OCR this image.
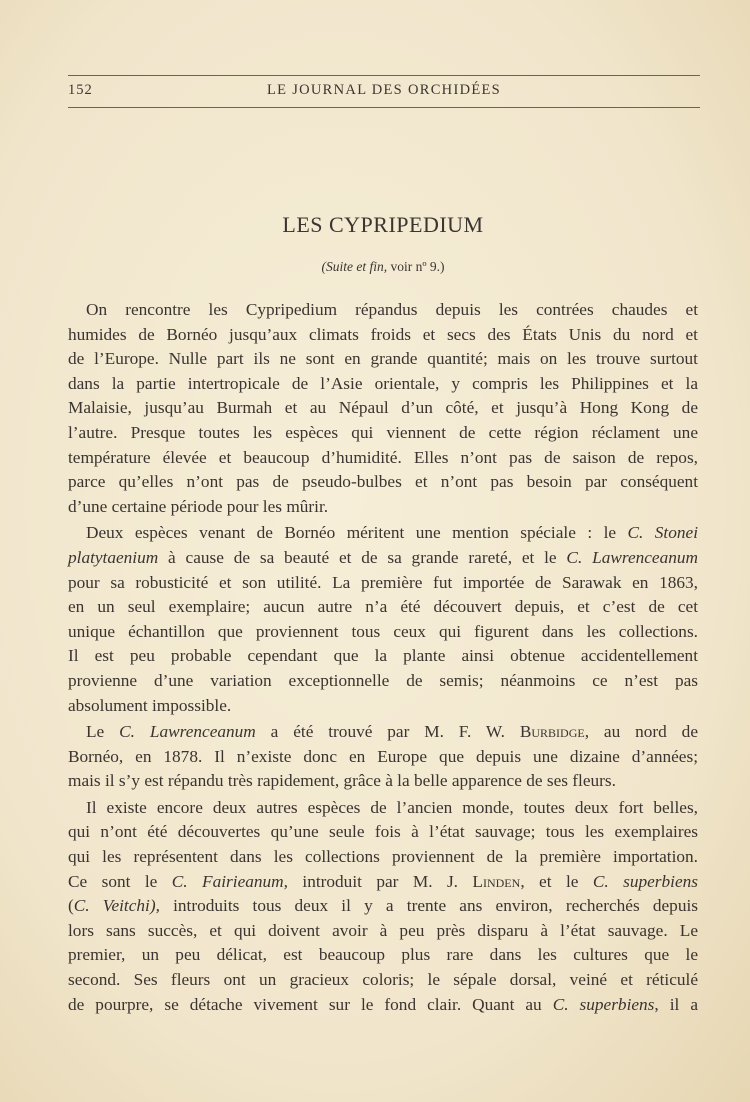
152	LE JOURNAL DES ORCHIDÉES
LES CYPRIPEDIUM
(Suite et fin, voir nº 9.)
On rencontre les Cypripedium répandus depuis les contrées chaudes et
humides de Bornéo jusqu’aux climats froids et secs des États Unis du nord et
de l’Europe. Nulle part ils ne sont en grande quantité; mais on les trouve surtout
dans la partie intertropicale de l’Asie orientale, y compris les Philippines et la
Malaisie, jusqu’au Burmah et au Népaul d’un côté, et jusqu’à Hong Kong de
l’autre. Presque toutes les espèces qui viennent de cette région réclament une
température élevée et beaucoup d’humidité. Elles n’ont pas de saison de repos,
parce qu’elles n’ont pas de pseudo-bulbes et n’ont pas besoin par conséquent
d’une certaine période pour les mûrir.
Deux espèces venant de Bornéo méritent une mention spéciale : le C. Stonei
platytaenium à cause de sa beauté et de sa grande rareté, et le C. Lawrenceanum
pour sa robusticité et son utilité. La première fut importée de Sarawak en 1863,
en un seul exemplaire; aucun autre n’a été découvert depuis, et c’est de cet
unique échantillon que proviennent tous ceux qui figurent dans les collections.
Il est peu probable cependant que la plante ainsi obtenue accidentellement
provienne d’une variation exceptionnelle de semis; néanmoins ce n’est pas
absolument impossible.
Le C. Lawrenceanum a été trouvé par M. F. W. Burbidge, au nord de
Bornéo, en 1878. Il n’existe donc en Europe que depuis une dizaine d’années;
mais il s’y est répandu très rapidement, grâce à la belle apparence de ses fleurs.
Il existe encore deux autres espèces de l’ancien monde, toutes deux fort belles,
qui n’ont été découvertes qu’une seule fois à l’état sauvage; tous les exemplaires
qui les représentent dans les collections proviennent de la première importation.
Ce sont le C. Fairieanum, introduit par M. J. Linden, et le C. superbiens
(C. Veitchi), introduits tous deux il y a trente ans environ, recherchés depuis
lors sans succès, et qui doivent avoir à peu près disparu à l’état sauvage. Le
premier, un peu délicat, est beaucoup plus rare dans les cultures que le
second. Ses fleurs ont un gracieux coloris; le sépale dorsal, veiné et réticulé
de pourpre, se détache vivement sur le fond clair. Quant au C. superbiens, il a
